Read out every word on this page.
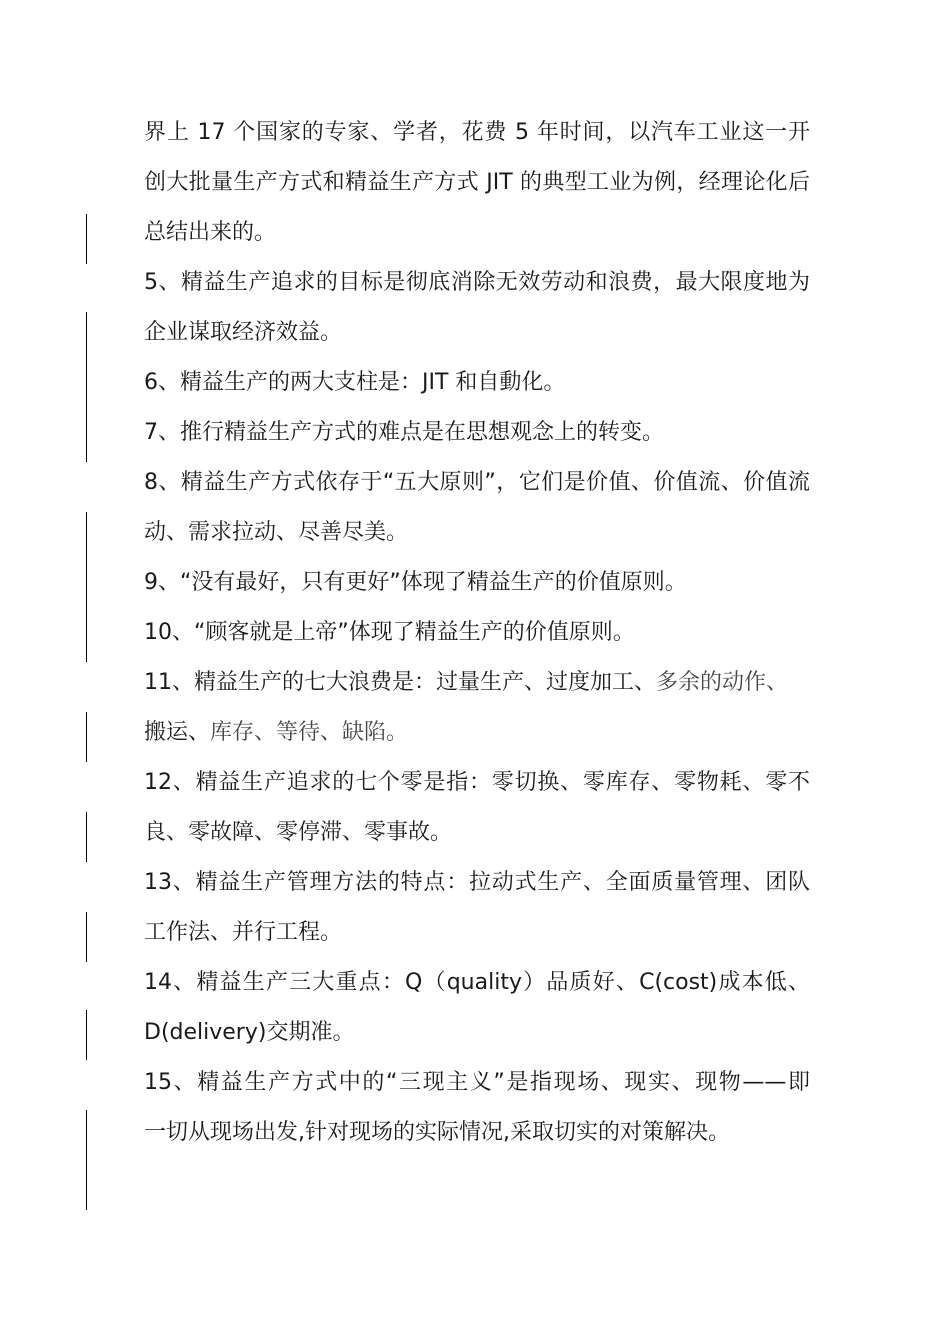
界上 17 个国家的专家、学者，花费 5 年时间，以汽车工业这一开
创大批量生产方式和精益生产方式 JIT 的典型工业为例，经理论化后
总结出来的。
5、精益生产追求的目标是彻底消除无效劳动和浪费，最大限度地为
企业谋取经济效益。
6、精益生产的两大支柱是：JIT 和自動化。
7、推行精益生产方式的难点是在思想观念上的转变。
8、精益生产方式依存于“五大原则”，它们是价值、价值流、价值流
动、需求拉动、尽善尽美。
9、“没有最好，只有更好”体现了精益生产的价值原则。
10、“顾客就是上帝”体现了精益生产的价值原则。
11、精益生产的七大浪费是：过量生产、过度加工、多余的动作、
搬运、库存、等待、缺陷。
12、精益生产追求的七个零是指：零切换、零库存、零物耗、零不
良、零故障、零停滞、零事故。
13、精益生产管理方法的特点：拉动式生产、全面质量管理、团队
工作法、并行工程。
14、精益生产三大重点：Q（quality）品质好、C(cost)成本低、
D(delivery)交期准。
15、精益生产方式中的“三现主义”是指现场、现实、现物——即
一切从现场出发,针对现场的实际情况,采取切实的对策解决。
